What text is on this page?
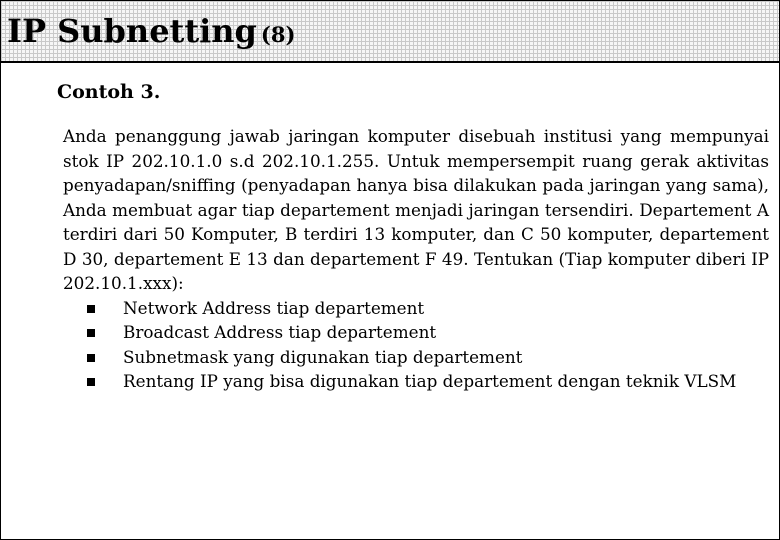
IP Subnetting (8)
Contoh 3.

Anda penanggung jawab jaringan komputer disebuah institusi yang mempunyai stok IP 202.10.1.0 s.d 202.10.1.255. Untuk mempersempit ruang gerak aktivitas penyadapan/sniffing (penyadapan hanya bisa dilakukan pada jaringan yang sama), Anda membuat agar tiap departement menjadi jaringan tersendiri. Departement A terdiri dari 50 Komputer, B terdiri 13 komputer, dan C 50 komputer, departement D 30, departement E 13 dan departement F 49. Tentukan (Tiap komputer diberi IP 202.10.1.xxx):

Network Address tiap departement
Broadcast Address tiap departement
Subnetmask yang digunakan tiap departement
Rentang IP yang bisa digunakan tiap departement dengan teknik VLSM
